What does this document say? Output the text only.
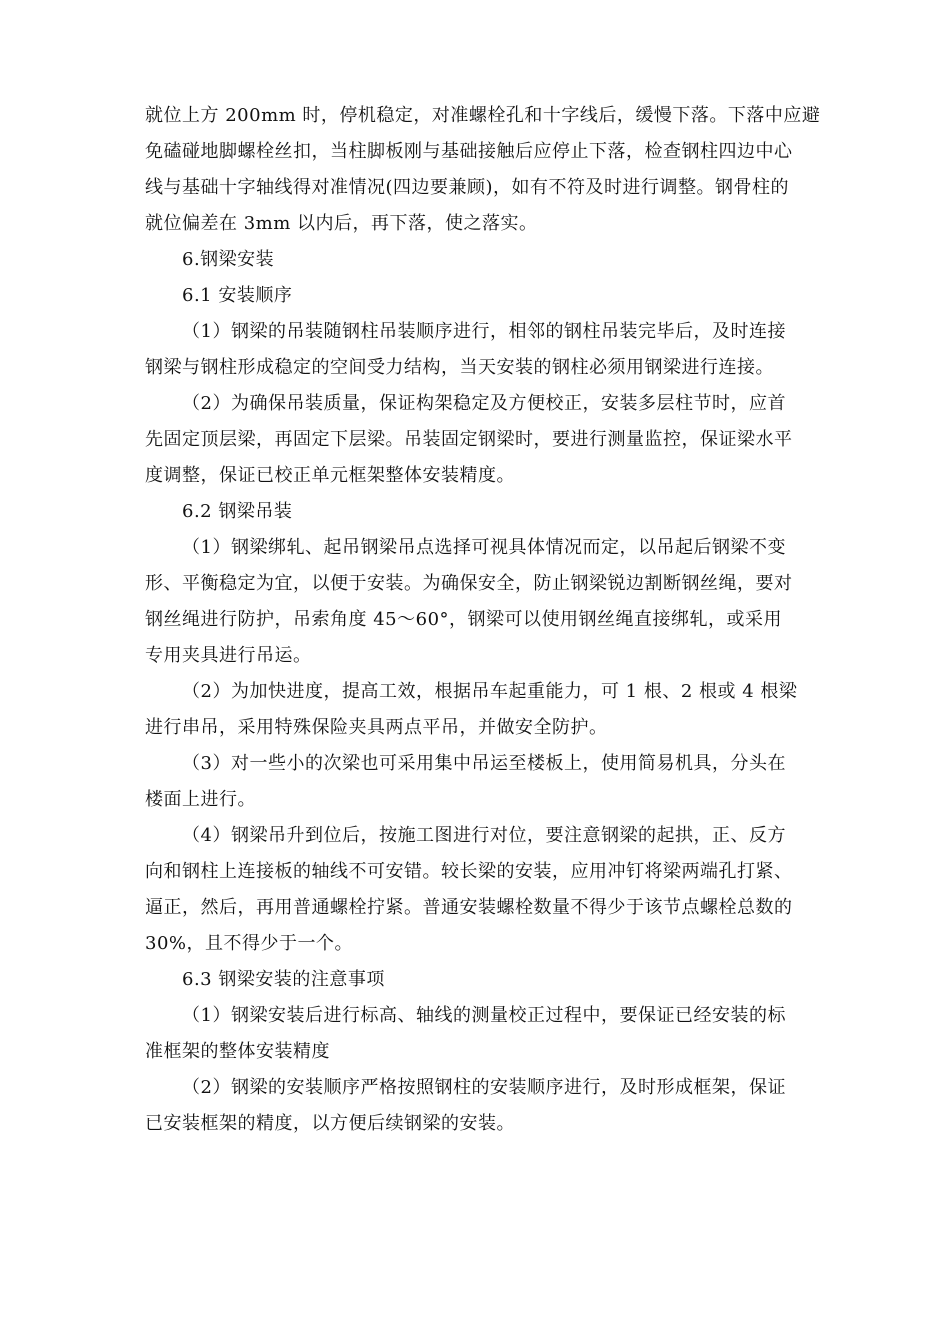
就位上方 200mm 时，停机稳定，对准螺栓孔和十字线后，缓慢下落。下落中应避
免磕碰地脚螺栓丝扣，当柱脚板刚与基础接触后应停止下落，检查钢柱四边中心
线与基础十字轴线得对准情况(四边要兼顾)，如有不符及时进行调整。钢骨柱的
就位偏差在 3mm 以内后，再下落，使之落实。
6.钢梁安装
6.1 安装顺序
（1）钢梁的吊装随钢柱吊装顺序进行，相邻的钢柱吊装完毕后，及时连接
钢梁与钢柱形成稳定的空间受力结构，当天安装的钢柱必须用钢梁进行连接。
（2）为确保吊装质量，保证构架稳定及方便校正，安装多层柱节时，应首
先固定顶层梁，再固定下层梁。吊装固定钢梁时，要进行测量监控，保证梁水平
度调整，保证已校正单元框架整体安装精度。
6.2 钢梁吊装
（1）钢梁绑轧、起吊钢梁吊点选择可视具体情况而定，以吊起后钢梁不变
形、平衡稳定为宜，以便于安装。为确保安全，防止钢梁锐边割断钢丝绳，要对
钢丝绳进行防护，吊索角度 45～60°，钢梁可以使用钢丝绳直接绑轧，或采用
专用夹具进行吊运。
（2）为加快进度，提高工效，根据吊车起重能力，可 1 根、2 根或 4 根梁
进行串吊，采用特殊保险夹具两点平吊，并做安全防护。
（3）对一些小的次梁也可采用集中吊运至楼板上，使用简易机具，分头在
楼面上进行。
（4）钢梁吊升到位后，按施工图进行对位，要注意钢梁的起拱，正、反方
向和钢柱上连接板的轴线不可安错。较长梁的安装，应用冲钉将梁两端孔打紧、
逼正，然后，再用普通螺栓拧紧。普通安装螺栓数量不得少于该节点螺栓总数的
30%，且不得少于一个。
6.3 钢梁安装的注意事项
（1）钢梁安装后进行标高、轴线的测量校正过程中，要保证已经安装的标
准框架的整体安装精度
（2）钢梁的安装顺序严格按照钢柱的安装顺序进行，及时形成框架，保证
已安装框架的精度，以方便后续钢梁的安装。
